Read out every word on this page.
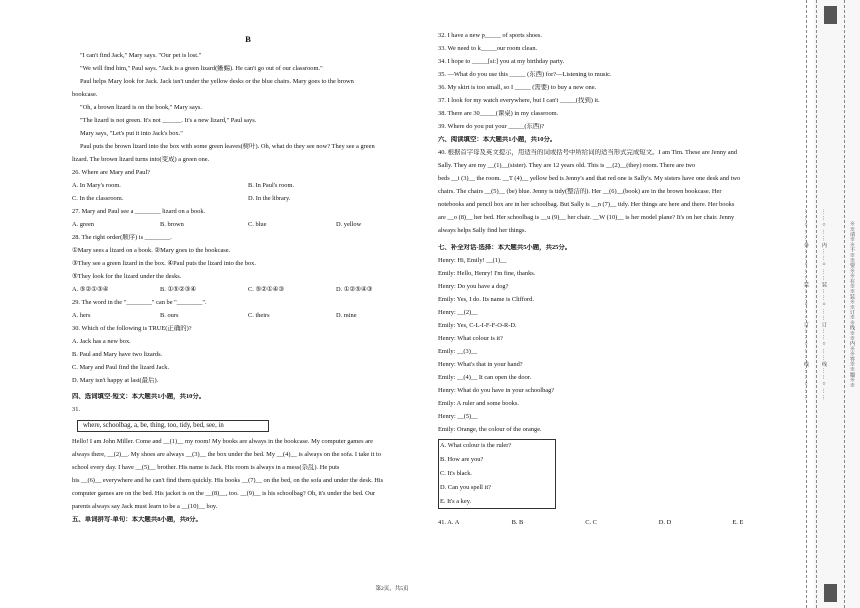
B
"I can't find Jack," Mary says. "Our pet is lost."
"We will find him," Paul says. "Jack is a green lizard(蜥蜴). He can't go out of our classroom."
Paul helps Mary look for Jack. Jack isn't under the yellow desks or the blue chairs. Mary goes to the brown
bookcase.
"Oh, a brown lizard is on the book," Mary says.
"The lizard is not green. It's not ______. It's a new lizard," Paul says.
Mary says, "Let's put it into Jack's box."
Paul puts the brown lizard into the box with some green leaves(树叶). Oh, what do they see now? They see a green
lizard. The brown lizard turns into(变成) a green one.
26. Where are Mary and Paul?
A. In Mary's room.	B. In Paul's room.
C. In the classroom.	D. In the library.
27. Mary and Paul see a ________ lizard on a book.
A. green	B. brown	C. blue	D. yellow
28. The right order(顺序) is ________.
①Mary sees a lizard on a book. ②Mary goes to the bookcase.
③They see a green lizard in the box. ④Paul puts the lizard into the box.
⑤They look for the lizard under the desks.
A. ⑤②①③④	B. ①⑤②③④	C. ⑤②①④③	D. ①②⑤④③
29. The word in the "________" can be "________".
A. hers	B. ours	C. theirs	D. mine
30. Which of the following is TRUE(正确的)?
A. Jack has a new box.
B. Paul and Mary have two lizards.
C. Mary and Paul find the lizard Jack.
D. Mary isn't happy at last(最后).
四、选词填空-短文：本大题共1小题，共10分。
31.
where, schoolbag, a, be, thing, too, tidy, bed, see, in
Hello! I am John Miller. Come and __(1)__ my room! My books are always in the bookcase. My computer games are
always there, __(2)__. My shoes are always __(3)__ the box under the bed. My __(4)__ is always on the sofa. I take it to
school every day. I have __(5)__ brother. His name is Jack. His room is always in a mess(杂乱). He puts
his __(6)__ everywhere and he can't find them quickly. His books __(7)__ on the bed, on the sofa and under the desk. His
computer games are on the bed. His jacket is on the __(8)__, too. __(9)__ is his schoolbag? Oh, it's under the bed. Our
parents always say Jack must learn to be a __(10)__ boy.
五、单词拼写-单句：本大题共8小题，共8分。
32. I have a new p_____ of sports shoes.
33. We need to k_____our room clean.
34. I hope to _____[si:] you at my birthday party.
35. —What do you use this _____ (东西) for?—Listening to music.
36. My skirt is too small, so I _____ (需要) to buy a new one.
37. I look for my watch everywhere, but I can't _____(找到) it.
38. There are 30_____(课桌) in my classroom.
39. Where do you put your _____(东西)?
六、阅读填空：本大题共1小题，共10分。
40. 根据首字母及英文提示，用适当的词或括号中所给词的适当形式完成短文。I am Tim. These are Jenny and
Sally. They are my __(1)__(sister). They are 12 years old. This is __(2)__(they) room. There are two
beds __i (3)__ the room. __T (4)__ yellow bed is Jenny's and that red one is Sally's. My sisters have one desk and two
chairs. The chairs __(5)__ (be) blue. Jenny is tidy(整洁的). Her __(6)__(book) are in the brown bookcase. Her
notebooks and pencil box are in her schoolbag. But Sally is __n (7)__ tidy. Her things are here and there. Her books
are __o (8)__ her bed. Her schoolbag is __u (9)__ her chair. __W (10)__ is her model plane? It's on her chair. Jenny
always helps Sally find her things.
七、补全对话-选择：本大题共5小题，共25分。
Henry: Hi, Emily! __(1)__
Emily: Hello, Henry! I'm fine, thanks.
Henry: Do you have a dog?
Emily: Yes, I do. Its name is Clifford.
Henry: __(2)__
Emily: Yes, C-L-I-F-F-O-R-D.
Henry: What colour is it?
Emily: __(3)__
Henry: What's that in your hand?
Emily: __(4)__ It can open the door.
Henry: What do you have in your schoolbag?
Emily: A ruler and some books.
Henry: __(5)__
Emily: Orange, the colour of the orange.
A. What colour is the ruler?
B. How are you?
C. It's black.
D. Can you spell it?
E. It's a key.
41. A. A	B. B	C. C	D. D	E. E
第2页，共5页
… … ○ … … 内 … … ○ … … 装 … … ○ … … 订 … … ○ … … 线 … … ○ … …	※※请※※不※※要※※在※※装※※订※※线※※内※※答※※题※※
… … ○ … … 外 … … ○ … … 装 … … ○ … … 订 … … ○ … … 线 … … ○ … …
